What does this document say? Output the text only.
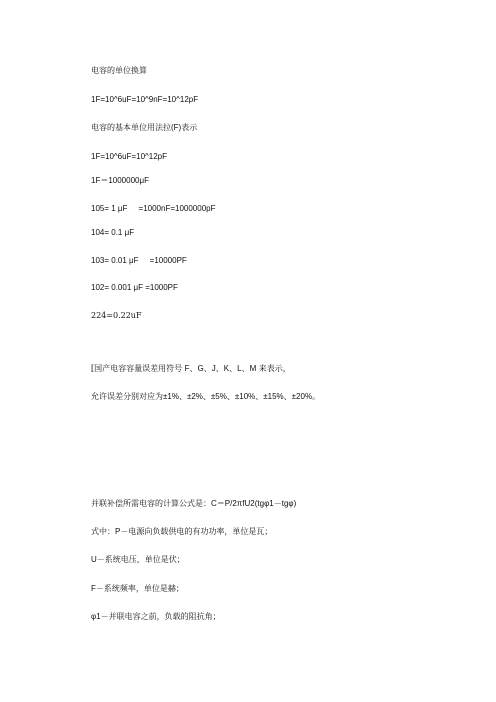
电容的单位换算
1F=10^6uF=10^9nF=10^12pF
电容的基本单位用法拉(F)表示
1F=10^6uF=10^12pF
1F＝1000000μF
105= 1 μF     =1000nF=1000000pF
104= 0.1 μF
103= 0.01 μF     =10000PF
102= 0.001 μF =1000PF
224=0.22uF
[国产电容容量误差用符号 F、G、J、K、L、M 来表示，
允许误差分别对应为±1%、±2%、±5%、±10%、±15%、±20%。
并联补偿所需电容的计算公式是：C＝P/2πfU2(tgφ1－tgφ)
式中：P－电源向负载供电的有功功率，单位是瓦；
U－系统电压，单位是伏；
F－系统频率，单位是赫；
φ1－并联电容之前，负载的阻抗角；
